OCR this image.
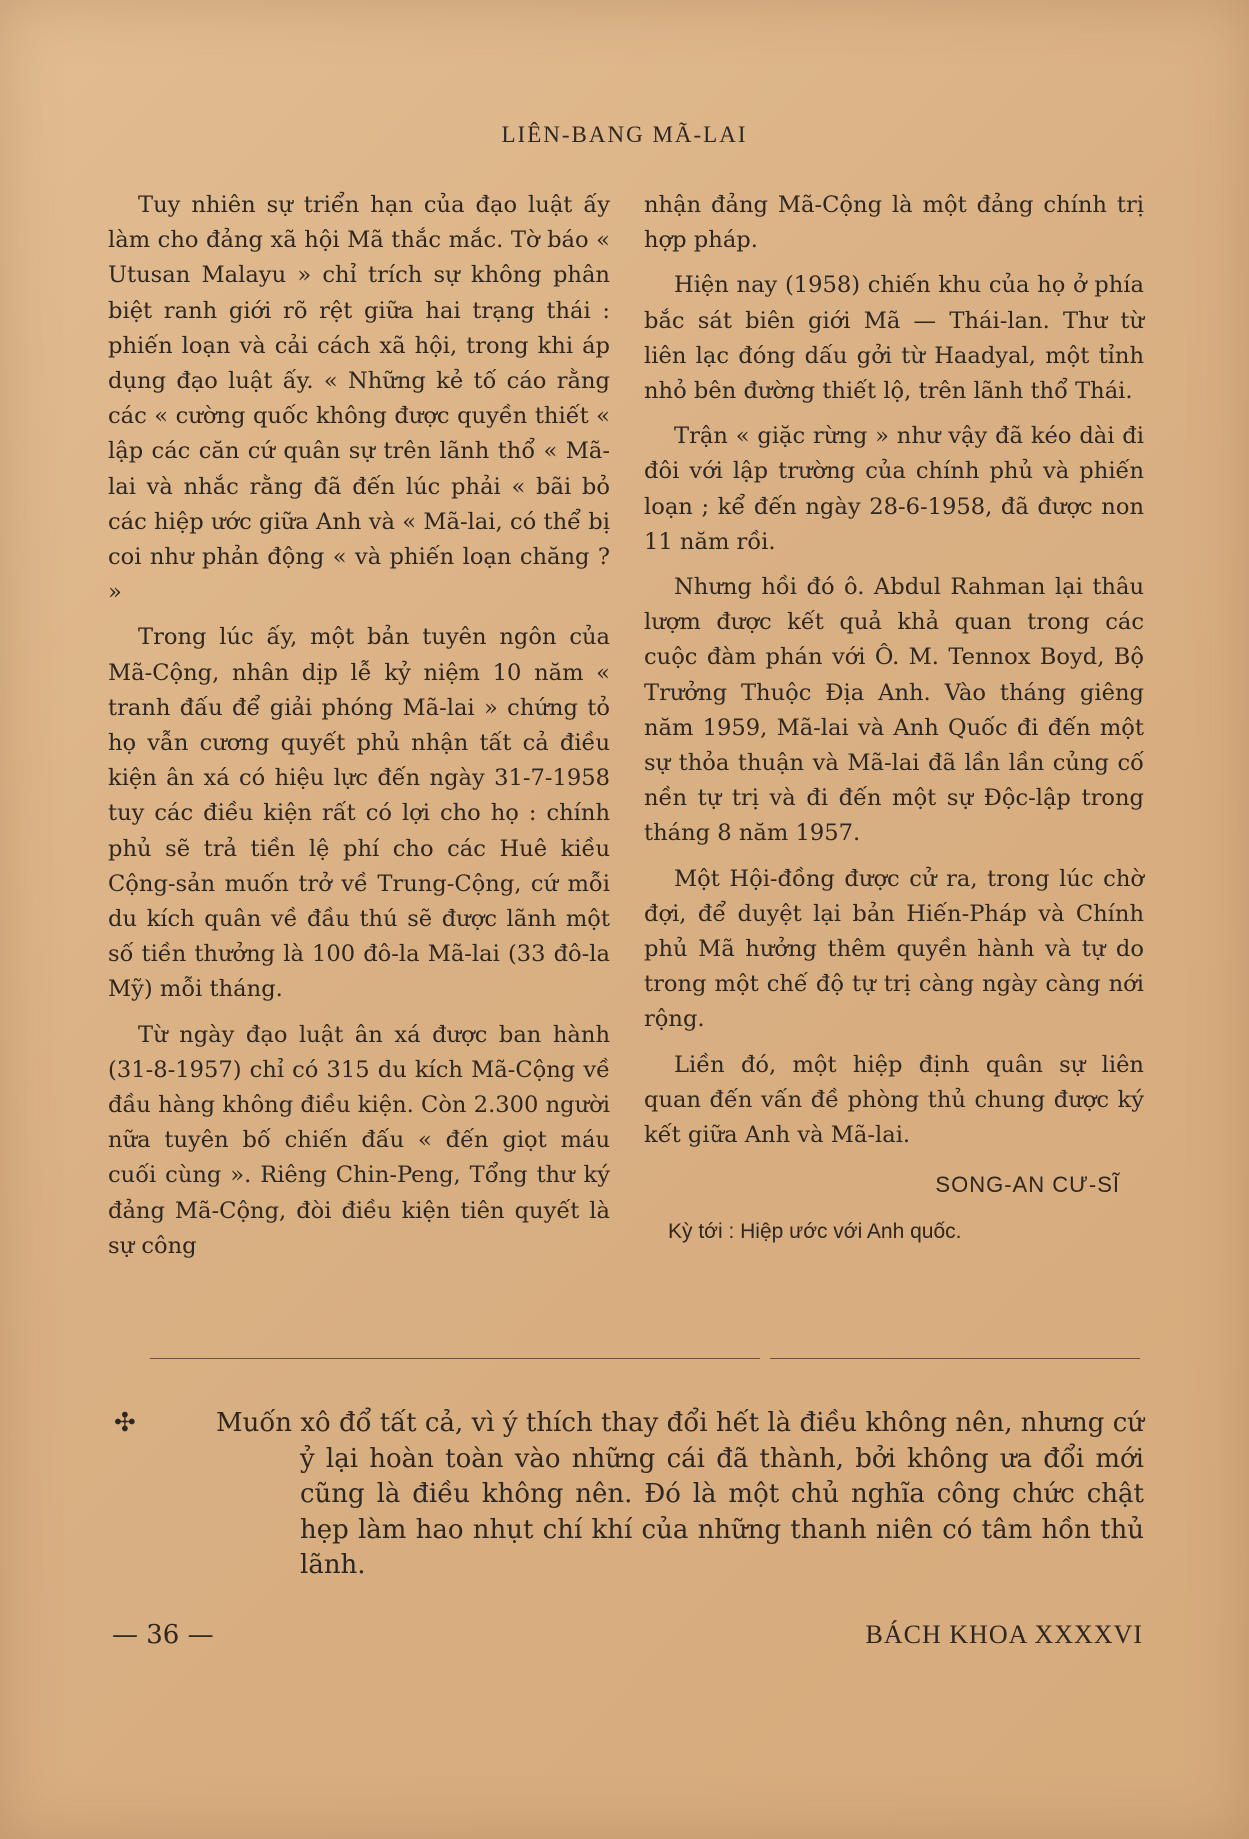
LIÊN-BANG MÃ-LAI

Tuy nhiên sự triển hạn của đạo luật ấy làm cho đảng xã hội Mã thắc mắc. Tờ báo « Utusan Malayu » chỉ trích sự không phân biệt ranh giới rõ rệt giữa hai trạng thái : phiến loạn và cải cách xã hội, trong khi áp dụng đạo luật ấy. « Những kẻ tố cáo rằng các « cường quốc không được quyền thiết « lập các căn cứ quân sự trên lãnh thổ « Mã-lai và nhắc rằng đã đến lúc phải « bãi bỏ các hiệp ước giữa Anh và « Mã-lai, có thể bị coi như phản động « và phiến loạn chăng ? »

Trong lúc ấy, một bản tuyên ngôn của Mã-Cộng, nhân dịp lễ kỷ niệm 10 năm « tranh đấu để giải phóng Mã-lai » chứng tỏ họ vẫn cương quyết phủ nhận tất cả điều kiện ân xá có hiệu lực đến ngày 31-7-1958 tuy các điều kiện rất có lợi cho họ : chính phủ sẽ trả tiền lệ phí cho các Huê kiều Cộng-sản muốn trở về Trung-Cộng, cứ mỗi du kích quân về đầu thú sẽ được lãnh một số tiền thưởng là 100 đô-la Mã-lai (33 đô-la Mỹ) mỗi tháng.

Từ ngày đạo luật ân xá được ban hành (31-8-1957) chỉ có 315 du kích Mã-Cộng về đầu hàng không điều kiện. Còn 2.300 người nữa tuyên bố chiến đấu « đến giọt máu cuối cùng ». Riêng Chin-Peng, Tổng thư ký đảng Mã-Cộng, đòi điều kiện tiên quyết là sự công

nhận đảng Mã-Cộng là một đảng chính trị hợp pháp.

Hiện nay (1958) chiến khu của họ ở phía bắc sát biên giới Mã — Thái-lan. Thư từ liên lạc đóng dấu gởi từ Haadyal, một tỉnh nhỏ bên đường thiết lộ, trên lãnh thổ Thái.

Trận « giặc rừng » như vậy đã kéo dài đi đôi với lập trường của chính phủ và phiến loạn ; kể đến ngày 28-6-1958, đã được non 11 năm rồi.

Nhưng hồi đó ô. Abdul Rahman lại thâu lượm được kết quả khả quan trong các cuộc đàm phán với Ô. M. Tennox Boyd, Bộ Trưởng Thuộc Địa Anh. Vào tháng giêng năm 1959, Mã-lai và Anh Quốc đi đến một sự thỏa thuận và Mã-lai đã lần lần củng cố nền tự trị và đi đến một sự Độc-lập trong tháng 8 năm 1957.

Một Hội-đồng được cử ra, trong lúc chờ đợi, để duyệt lại bản Hiến-Pháp và Chính phủ Mã hưởng thêm quyền hành và tự do trong một chế độ tự trị càng ngày càng nới rộng.

Liền đó, một hiệp định quân sự liên quan đến vấn đề phòng thủ chung được ký kết giữa Anh và Mã-lai.

SONG-AN CƯ-SĨ
Kỳ tới : Hiệp ước với Anh quốc.
✣	Muốn xô đổ tất cả, vì ý thích thay đổi hết là điều không nên, nhưng cứ ỷ lại hoàn toàn vào những cái đã thành, bởi không ưa đổi mới cũng là điều không nên. Đó là một chủ nghĩa công chức chật hẹp làm hao nhụt chí khí của những thanh niên có tâm hồn thủ lãnh.
— 36 —	BÁCH KHOA XXXXVI
